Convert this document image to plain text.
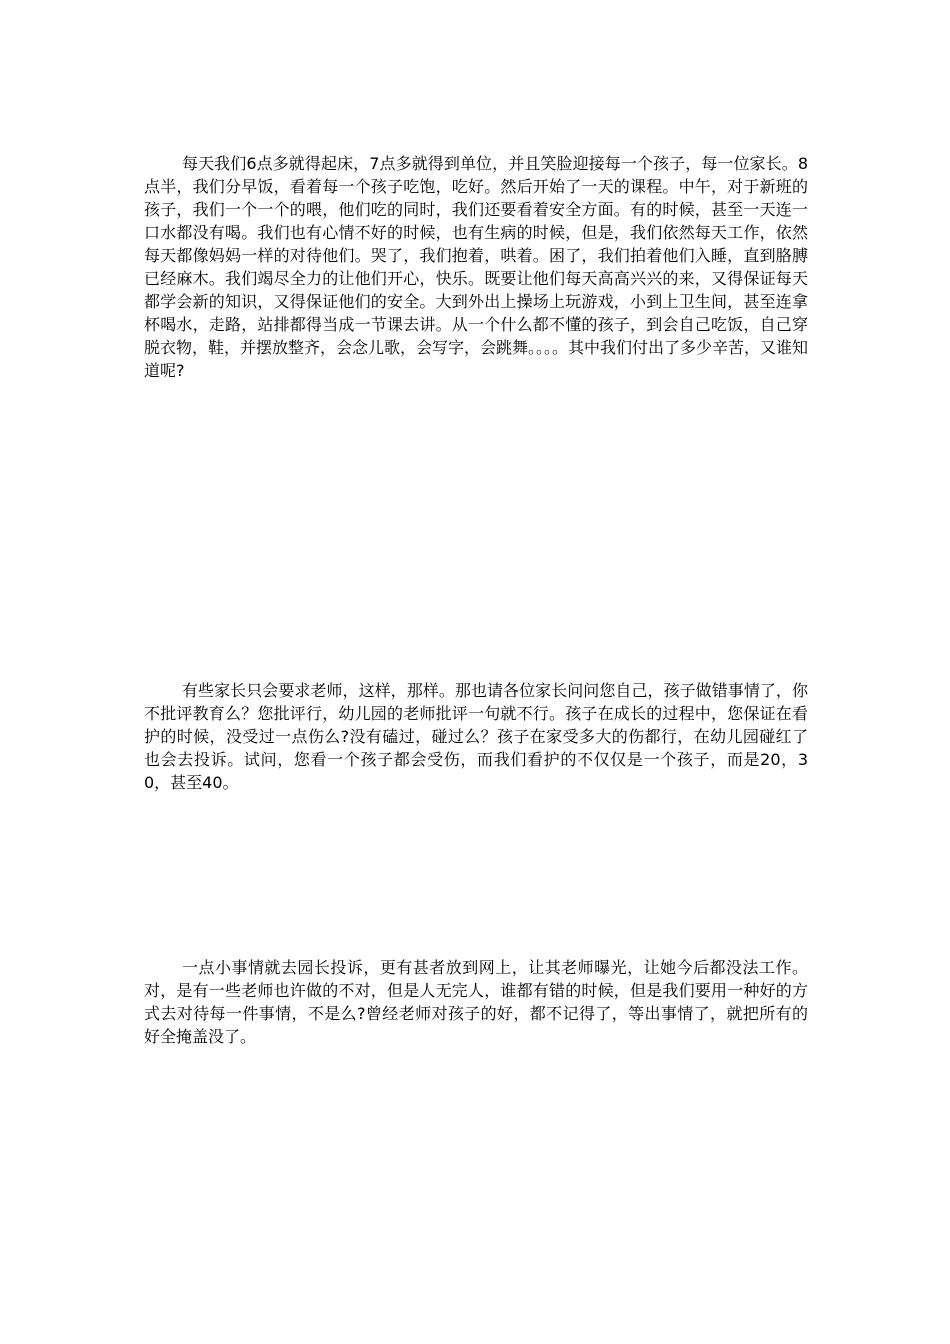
每天我们6点多就得起床，7点多就得到单位，并且笑脸迎接每一个孩子，每一位家长。8点半，我们分早饭，看着每一个孩子吃饱，吃好。然后开始了一天的课程。中午，对于新班的孩子，我们一个一个的喂，他们吃的同时，我们还要看着安全方面。有的时候，甚至一天连一口水都没有喝。我们也有心情不好的时候，也有生病的时候，但是，我们依然每天工作，依然每天都像妈妈一样的对待他们。哭了，我们抱着，哄着。困了，我们拍着他们入睡，直到胳膊已经麻木。我们竭尽全力的让他们开心，快乐。既要让他们每天高高兴兴的来，又得保证每天都学会新的知识，又得保证他们的安全。大到外出上操场上玩游戏，小到上卫生间，甚至连拿杯喝水，走路，站排都得当成一节课去讲。从一个什么都不懂的孩子，到会自己吃饭，自己穿脱衣物，鞋，并摆放整齐，会念儿歌，会写字，会跳舞。。。。其中我们付出了多少辛苦，又谁知道呢?

有些家长只会要求老师，这样，那样。那也请各位家长问问您自己，孩子做错事情了，你不批评教育么？您批评行，幼儿园的老师批评一句就不行。孩子在成长的过程中，您保证在看护的时候，没受过一点伤么?没有磕过，碰过么？孩子在家受多大的伤都行，在幼儿园碰红了也会去投诉。试问，您看一个孩子都会受伤，而我们看护的不仅仅是一个孩子，而是20，30，甚至40。

一点小事情就去园长投诉，更有甚者放到网上，让其老师曝光，让她今后都没法工作。对，是有一些老师也许做的不对，但是人无完人，谁都有错的时候，但是我们要用一种好的方式去对待每一件事情，不是么?曾经老师对孩子的好，都不记得了，等出事情了，就把所有的好全掩盖没了。
